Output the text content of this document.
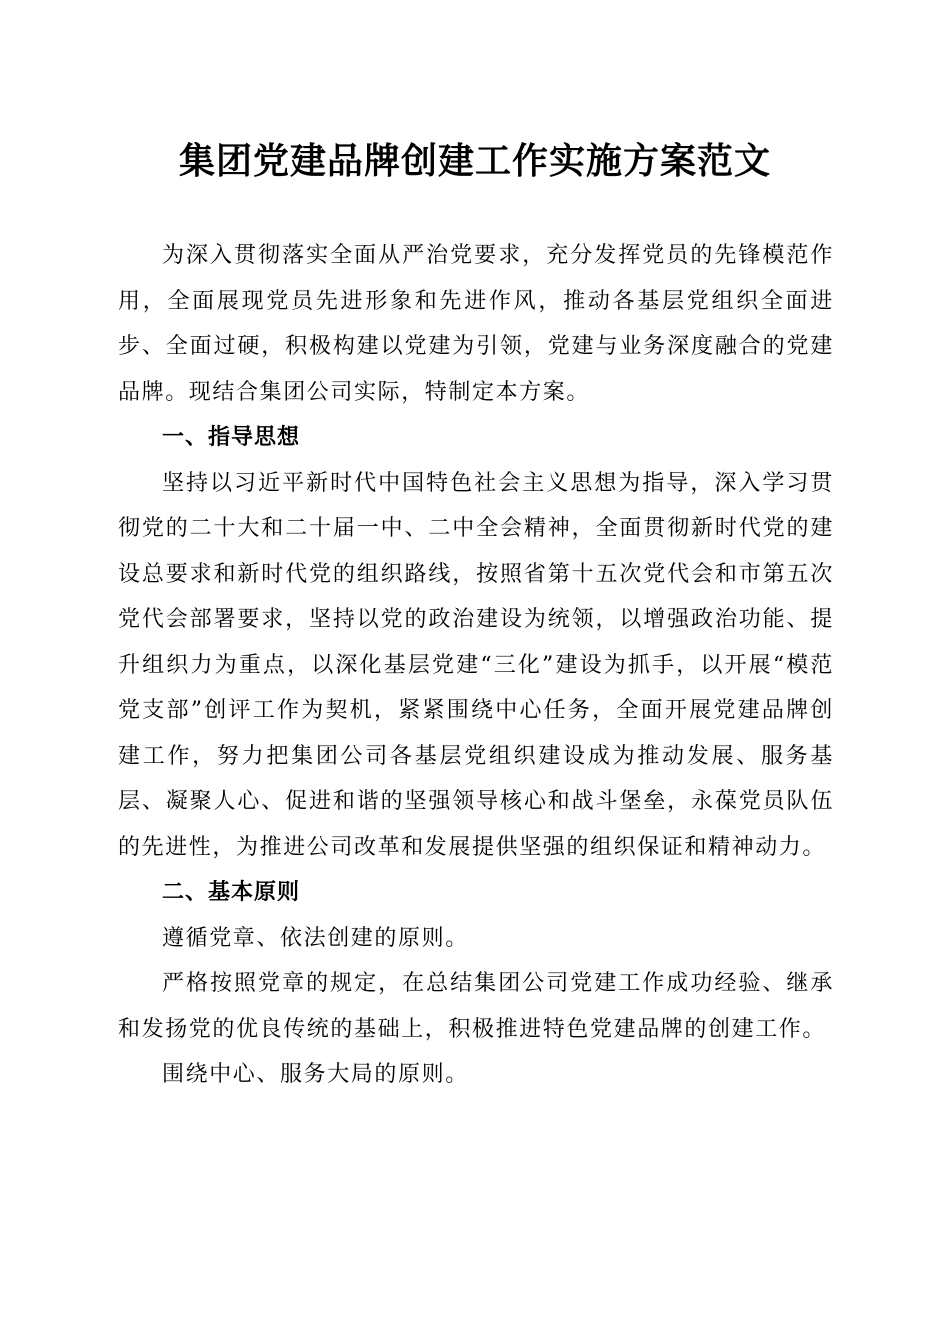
集团党建品牌创建工作实施方案范文

为深入贯彻落实全面从严治党要求，充分发挥党员的先锋模范作用，全面展现党员先进形象和先进作风，推动各基层党组织全面进步、全面过硬，积极构建以党建为引领，党建与业务深度融合的党建品牌。现结合集团公司实际，特制定本方案。

一、指导思想

坚持以习近平新时代中国特色社会主义思想为指导，深入学习贯彻党的二十大和二十届一中、二中全会精神，全面贯彻新时代党的建设总要求和新时代党的组织路线，按照省第十五次党代会和市第五次党代会部署要求，坚持以党的政治建设为统领，以增强政治功能、提升组织力为重点，以深化基层党建“三化”建设为抓手，以开展“模范党支部”创评工作为契机，紧紧围绕中心任务，全面开展党建品牌创建工作，努力把集团公司各基层党组织建设成为推动发展、服务基层、凝聚人心、促进和谐的坚强领导核心和战斗堡垒，永葆党员队伍的先进性，为推进公司改革和发展提供坚强的组织保证和精神动力。

二、基本原则

遵循党章、依法创建的原则。

严格按照党章的规定，在总结集团公司党建工作成功经验、继承和发扬党的优良传统的基础上，积极推进特色党建品牌的创建工作。

围绕中心、服务大局的原则。
